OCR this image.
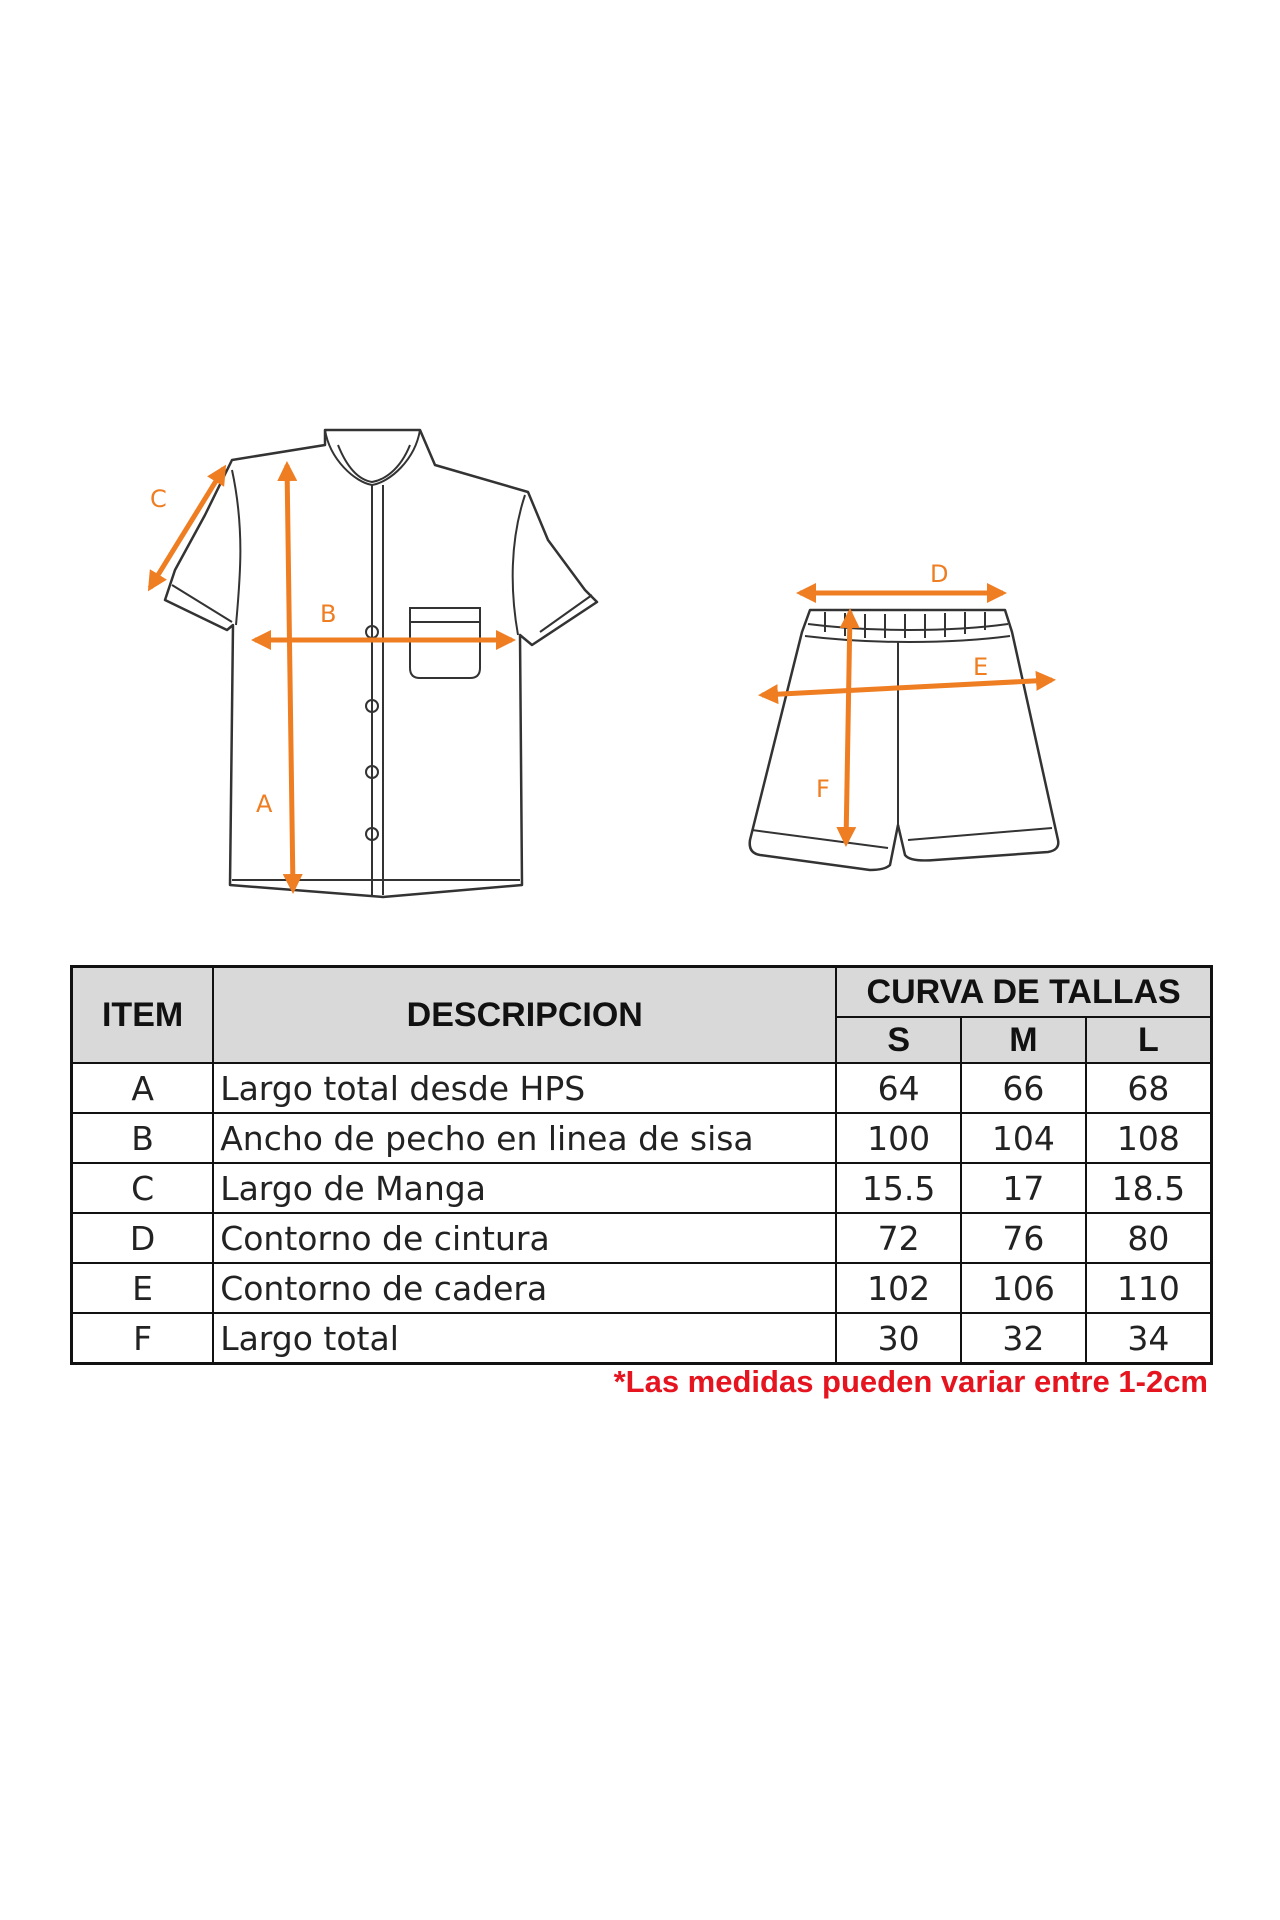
C
B
A
D
E
F
ITEM	DESCRIPCION	CURVA DE TALLAS		
		S	M	L
A	Largo total desde HPS	64	66	68
B	Ancho de pecho en linea de sisa	100	104	108
C	Largo de Manga	15.5	17	18.5
D	Contorno de cintura	72	76	80
E	Contorno de cadera	102	106	110
F	Largo total	30	32	34
*Las medidas pueden variar entre 1-2cm
